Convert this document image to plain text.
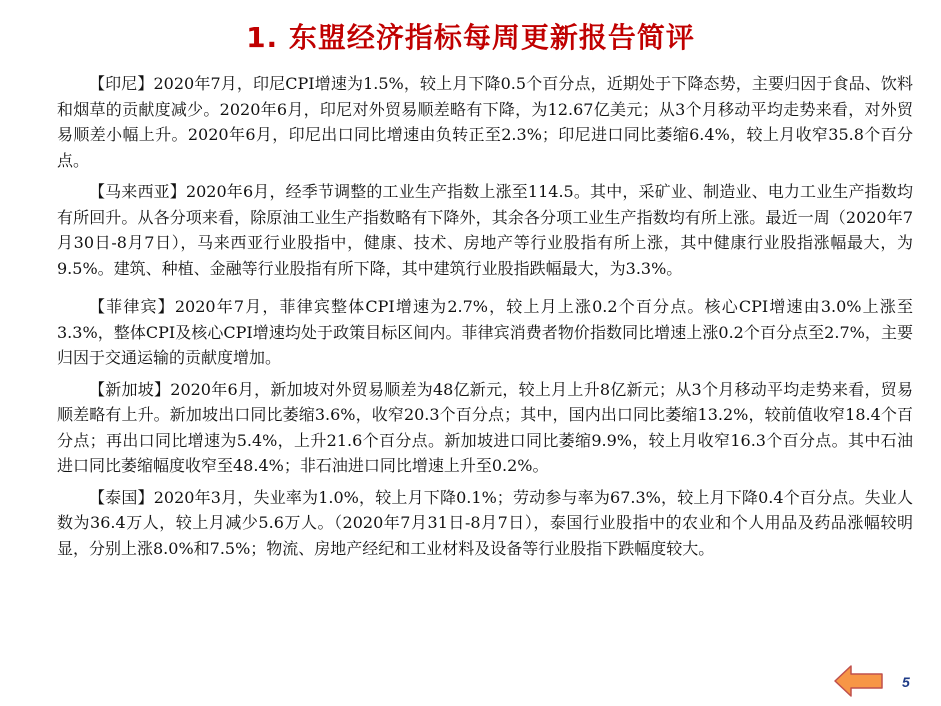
1. 东盟经济指标每周更新报告简评

【印尼】2020年7月，印尼CPI增速为1.5%，较上月下降0.5个百分点，近期处于下降态势，主要归因于食品、饮料和烟草的贡献度减少。2020年6月，印尼对外贸易顺差略有下降，为12.67亿美元；从3个月移动平均走势来看，对外贸易顺差小幅上升。2020年6月，印尼出口同比增速由负转正至2.3%；印尼进口同比萎缩6.4%，较上月收窄35.8个百分点。

【马来西亚】2020年6月，经季节调整的工业生产指数上涨至114.5。其中，采矿业、制造业、电力工业生产指数均有所回升。从各分项来看，除原油工业生产指数略有下降外，其余各分项工业生产指数均有所上涨。最近一周（2020年7月30日-8月7日），马来西亚行业股指中，健康、技术、房地产等行业股指有所上涨，其中健康行业股指涨幅最大，为9.5%。建筑、种植、金融等行业股指有所下降，其中建筑行业股指跌幅最大，为3.3%。

【菲律宾】2020年7月，菲律宾整体CPI增速为2.7%，较上月上涨0.2个百分点。核心CPI增速由3.0%上涨至3.3%，整体CPI及核心CPI增速均处于政策目标区间内。菲律宾消费者物价指数同比增速上涨0.2个百分点至2.7%，主要归因于交通运输的贡献度增加。

【新加坡】2020年6月，新加坡对外贸易顺差为48亿新元，较上月上升8亿新元；从3个月移动平均走势来看，贸易顺差略有上升。新加坡出口同比萎缩3.6%，收窄20.3个百分点；其中，国内出口同比萎缩13.2%，较前值收窄18.4个百分点；再出口同比增速为5.4%，上升21.6个百分点。新加坡进口同比萎缩9.9%，较上月收窄16.3个百分点。其中石油进口同比萎缩幅度收窄至48.4%；非石油进口同比增速上升至0.2%。

【泰国】2020年3月，失业率为1.0%，较上月下降0.1%；劳动参与率为67.3%，较上月下降0.4个百分点。失业人数为36.4万人，较上月减少5.6万人。（2020年7月31日-8月7日），泰国行业股指中的农业和个人用品及药品涨幅较明显，分别上涨8.0%和7.5%；物流、房地产经纪和工业材料及设备等行业股指下跌幅度较大。

5
